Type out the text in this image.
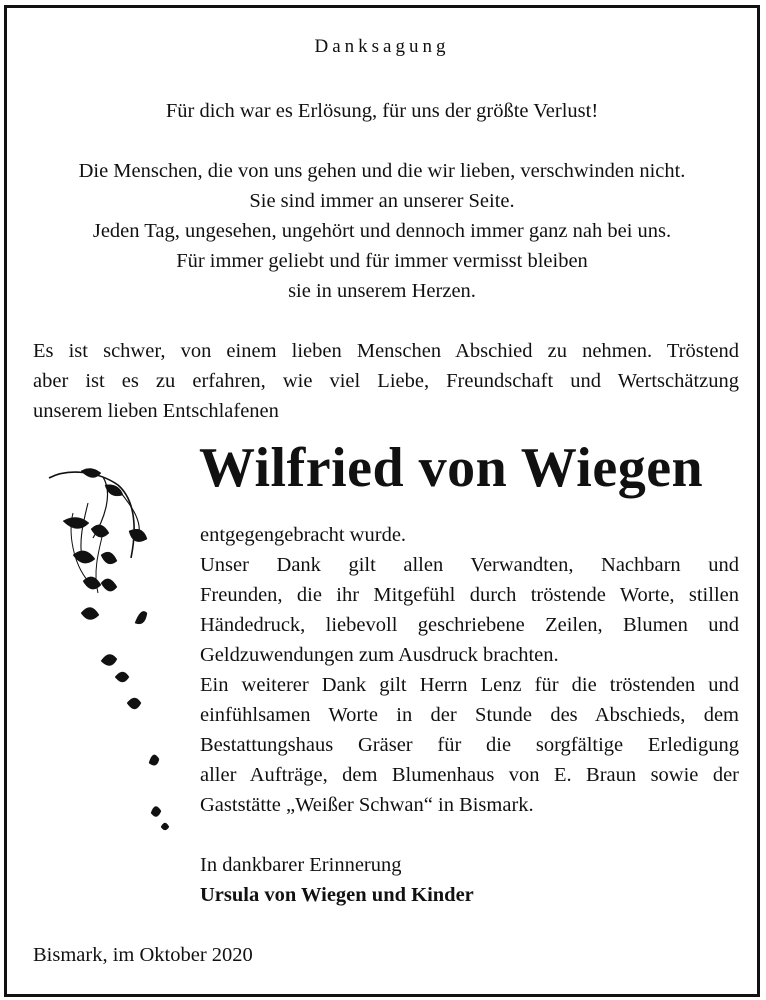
Danksagung

Für dich war es Erlösung, für uns der größte Verlust!

Die Menschen, die von uns gehen und die wir lieben, verschwinden nicht.

Sie sind immer an unserer Seite.

Jeden Tag, ungesehen, ungehört und dennoch immer ganz nah bei uns.

Für immer geliebt und für immer vermisst bleiben

sie in unserem Herzen.

Es ist schwer, von einem lieben Menschen Abschied zu nehmen. Tröstend

aber ist es zu erfahren, wie viel Liebe, Freundschaft und Wertschätzung

unserem lieben Entschlafenen

Wilfried von Wiegen

entgegengebracht wurde.

Unser Dank gilt allen Verwandten, Nachbarn und

Freunden, die ihr Mitgefühl durch tröstende Worte, stillen

Händedruck, liebevoll geschriebene Zeilen, Blumen und

Geldzuwendungen zum Ausdruck brachten.

Ein weiterer Dank gilt Herrn Lenz für die tröstenden und

einfühlsamen Worte in der Stunde des Abschieds, dem

Bestattungshaus Gräser für die sorgfältige Erledigung

aller Aufträge, dem Blumenhaus von E. Braun sowie der

Gaststätte „Weißer Schwan“ in Bismark.

In dankbarer Erinnerung

Ursula von Wiegen und Kinder

Bismark, im Oktober 2020
